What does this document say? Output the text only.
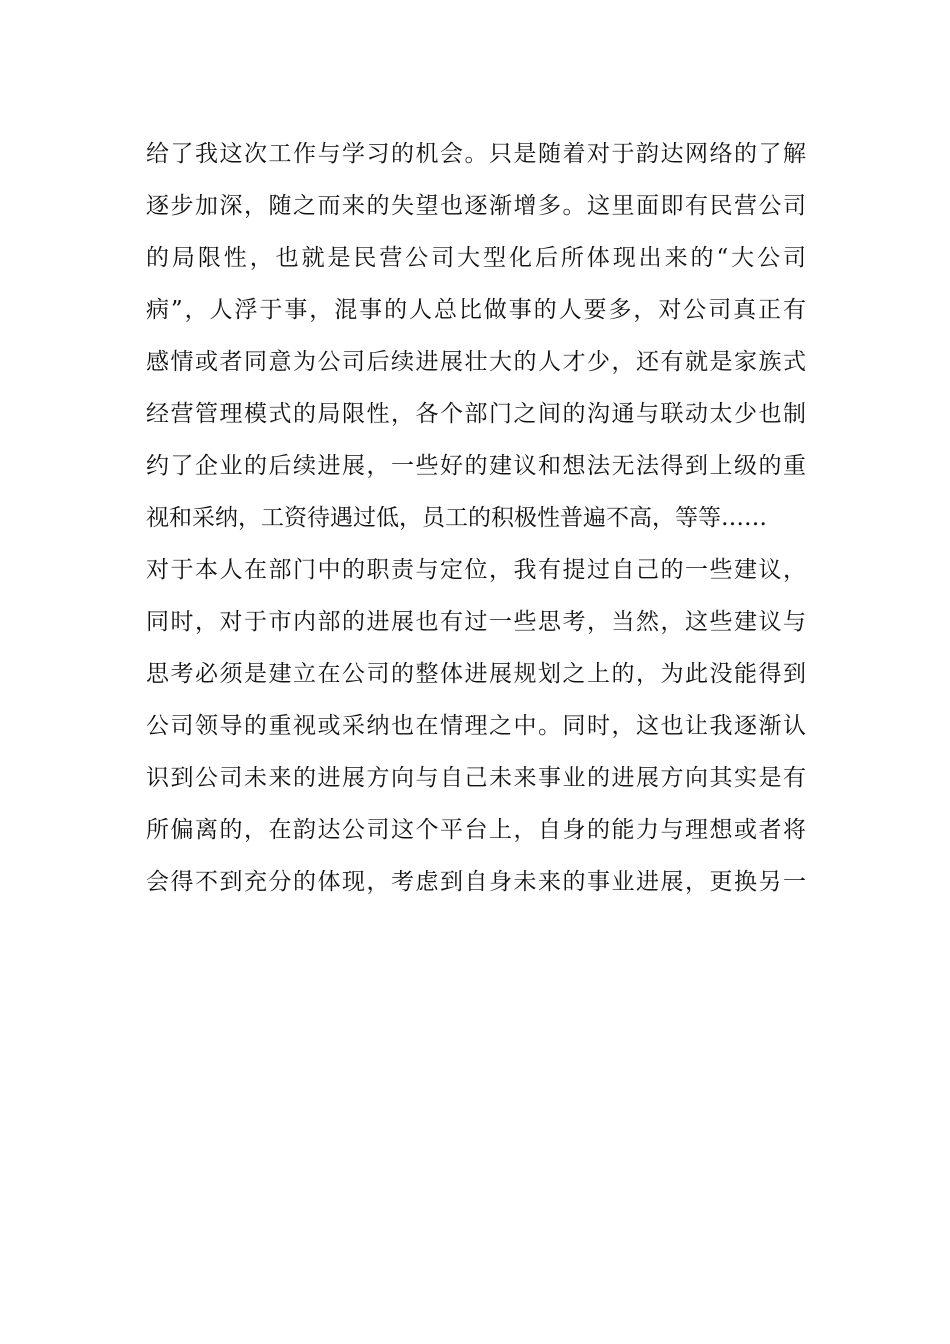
给了我这次工作与学习的机会。只是随着对于韵达网络的了解
逐步加深，随之而来的失望也逐渐增多。这里面即有民营公司
的局限性，也就是民营公司大型化后所体现出来的“大公司
病”，人浮于事，混事的人总比做事的人要多，对公司真正有
感情或者同意为公司后续进展壮大的人才少，还有就是家族式
经营管理模式的局限性，各个部门之间的沟通与联动太少也制
约了企业的后续进展，一些好的建议和想法无法得到上级的重
视和采纳，工资待遇过低，员工的积极性普遍不高，等等……
对于本人在部门中的职责与定位，我有提过自己的一些建议，
同时，对于市内部的进展也有过一些思考，当然，这些建议与
思考必须是建立在公司的整体进展规划之上的，为此没能得到
公司领导的重视或采纳也在情理之中。同时，这也让我逐渐认
识到公司未来的进展方向与自己未来事业的进展方向其实是有
所偏离的，在韵达公司这个平台上，自身的能力与理想或者将
会得不到充分的体现，考虑到自身未来的事业进展，更换另一
